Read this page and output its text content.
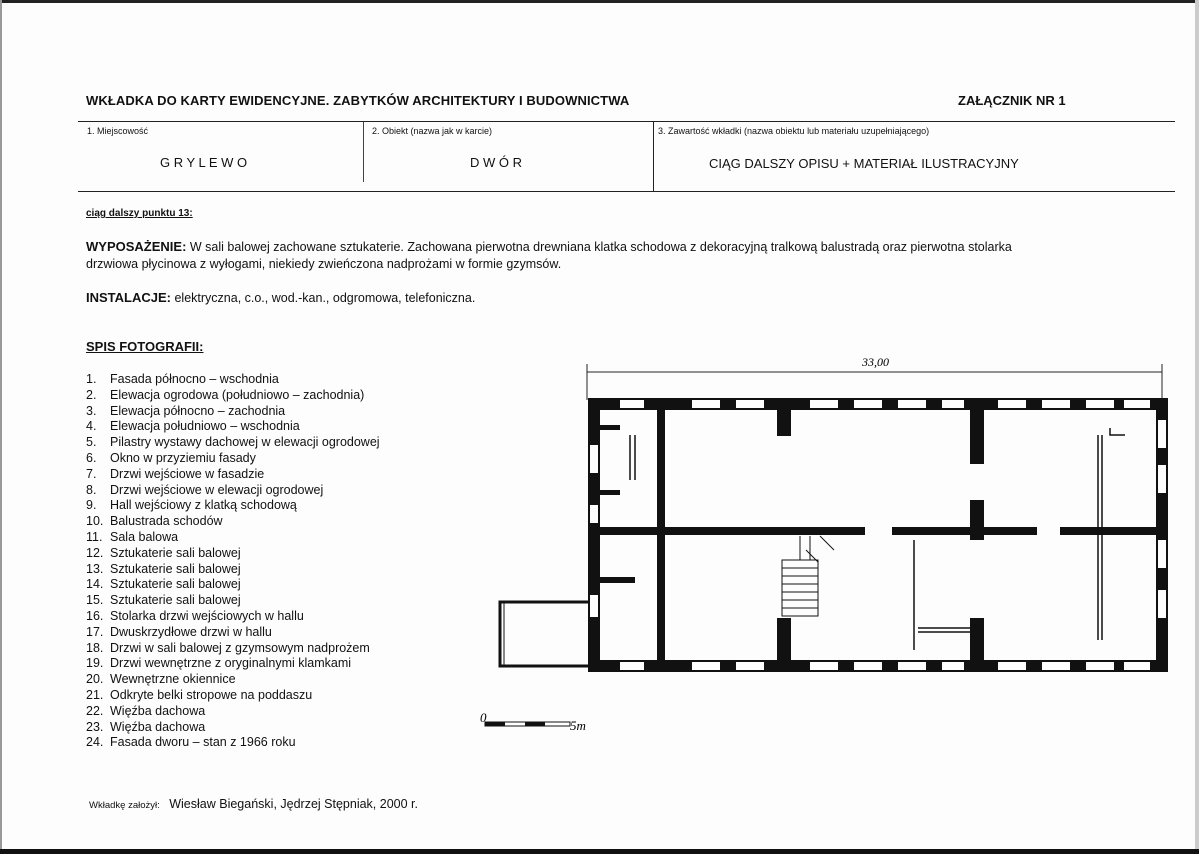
WKŁADKA DO KARTY EWIDENCYJNE. ZABYTKÓW ARCHITEKTURY I BUDOWNICTWA	ZAŁĄCZNIK NR 1
1. Miejscowość
G R Y L E W O
2. Obiekt (nazwa jak w karcie)
D W Ó R
3. Zawartość wkładki (nazwa obiektu lub materiału uzupełniającego)
CIĄG DALSZY OPISU + MATERIAŁ ILUSTRACYJNY
ciąg dalszy punktu 13:
WYPOSAŻENIE: W sali balowej zachowane sztukaterie. Zachowana pierwotna drewniana klatka schodowa z dekoracyjną tralkową balustradą oraz pierwotna stolarka
drzwiowa płycinowa z wyłogami, niekiedy zwieńczona nadprożami w formie gzymsów.
INSTALACJE: elektryczna, c.o., wod.-kan., odgromowa, telefoniczna.
SPIS FOTOGRAFII:
1. Fasada północno – wschodnia
2. Elewacja ogrodowa (południowo – zachodnia)
3. Elewacja północno – zachodnia
4. Elewacja południowo – wschodnia
5. Pilastry wystawy dachowej w elewacji ogrodowej
6. Okno w przyziemiu fasady
7. Drzwi wejściowe w fasadzie
8. Drzwi wejściowe w elewacji ogrodowej
9. Hall wejściowy z klatką schodową
10. Balustrada schodów
11. Sala balowa
12. Sztukaterie sali balowej
13. Sztukaterie sali balowej
14. Sztukaterie sali balowej
15. Sztukaterie sali balowej
16. Stolarka drzwi wejściowych w hallu
17. Dwuskrzydłowe drzwi w hallu
18. Drzwi w sali balowej z gzymsowym nadprożem
19. Drzwi wewnętrzne z oryginalnymi klamkami
20. Wewnętrzne okiennice
21. Odkryte belki stropowe na poddaszu
22. Więźba dachowa
23. Więźba dachowa
24. Fasada dworu – stan z 1966 roku
Wkładkę założył: Wiesław Biegański, Jędrzej Stępniak, 2000 r.
33,00
0
5m
